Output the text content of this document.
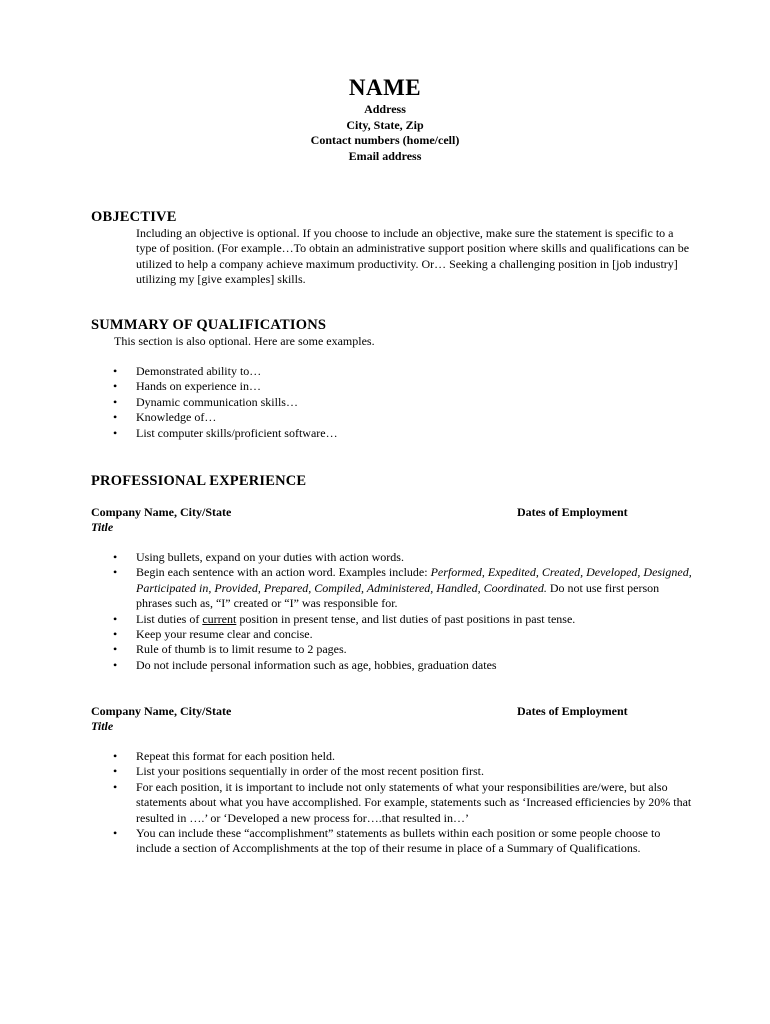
NAME
Address
City, State, Zip
Contact numbers (home/cell)
Email address
OBJECTIVE

Including an objective is optional. If you choose to include an objective, make sure the statement is specific to a type of position. (For example…To obtain an administrative support position where skills and qualifications can be utilized to help a company achieve maximum productivity. Or… Seeking a challenging position in [job industry] utilizing my [give examples] skills.

SUMMARY OF QUALIFICATIONS

This section is also optional. Here are some examples.

• Demonstrated ability to…
• Hands on experience in…
• Dynamic communication skills…
• Knowledge of…
• List computer skills/proficient software…
PROFESSIONAL EXPERIENCE
Company Name, City/State	Dates of Employment
Title
• Using bullets, expand on your duties with action words.
• Begin each sentence with an action word. Examples include: Performed, Expedited, Created, Developed, Designed, Participated in, Provided, Prepared, Compiled, Administered, Handled, Coordinated. Do not use first person phrases such as, “I” created or “I” was responsible for.
• List duties of current position in present tense, and list duties of past positions in past tense.
• Keep your resume clear and concise.
• Rule of thumb is to limit resume to 2 pages.
• Do not include personal information such as age, hobbies, graduation dates
Company Name, City/State	Dates of Employment
Title
• Repeat this format for each position held.
• List your positions sequentially in order of the most recent position first.
• For each position, it is important to include not only statements of what your responsibilities are/were, but also statements about what you have accomplished. For example, statements such as ‘Increased efficiencies by 20% that resulted in ….’ or ‘Developed a new process for….that resulted in…’
• You can include these “accomplishment” statements as bullets within each position or some people choose to include a section of Accomplishments at the top of their resume in place of a Summary of Qualifications.
